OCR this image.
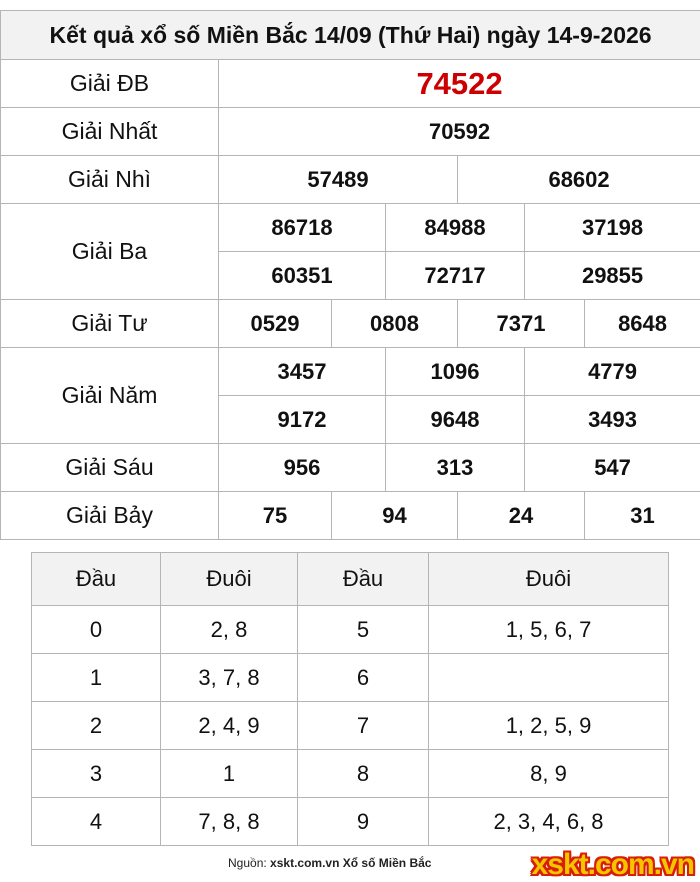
Kết quả xổ số Miền Bắc 14/09 (Thứ Hai) ngày 14-9-2026						
Giải ĐB	74522					
Giải Nhất	70592					
Giải Nhì	57489			68602		
Giải Ba	86718		84988		37198	
	60351		72717		29855	
Giải Tư	0529	0808		7371		8648
Giải Năm	3457		1096		4779	
	9172		9648		3493	
Giải Sáu	956		313		547	
Giải Bảy	75	94		24		31
Đầu	Đuôi	Đầu	Đuôi
0	2, 8	5	1, 5, 6, 7
1	3, 7, 8	6	
2	2, 4, 9	7	1, 2, 5, 9
3	1	8	8, 9
4	7, 8, 8	9	2, 3, 4, 6, 8
Nguồn: xskt.com.vn Xổ số Miền Bắc	xskt.com.vn
